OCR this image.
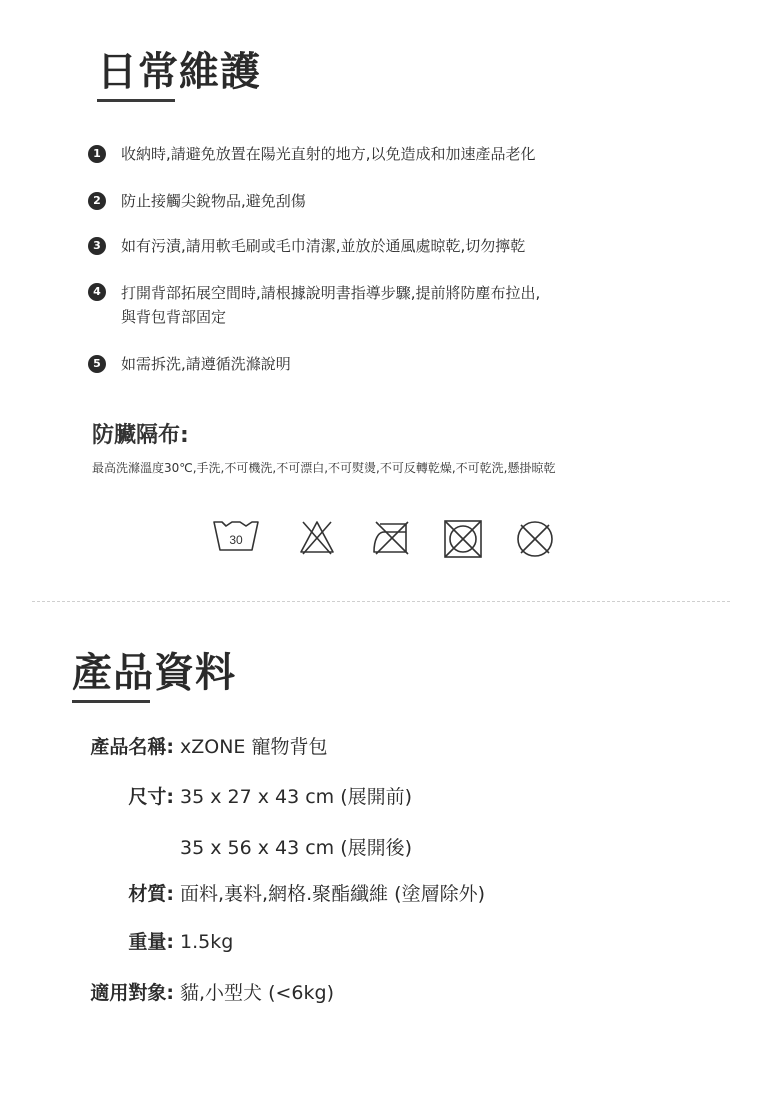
日常維護
1	收納時,請避免放置在陽光直射的地方,以免造成和加速產品老化
2	防止接觸尖銳物品,避免刮傷
3	如有污漬,請用軟毛刷或毛巾清潔,並放於通風處晾乾,切勿擰乾
4	打開背部拓展空間時,請根據說明書指導步驟,提前將防塵布拉出,
與背包背部固定
5	如需拆洗,請遵循洗滌說明
防臟隔布:
最高洗滌溫度30℃,手洗,不可機洗,不可漂白,不可熨燙,不可反轉乾燥,不可乾洗,懸掛晾乾
30
產品資料
產品名稱: xZONE 寵物背包
尺寸: 35 x 27 x 43 cm (展開前)
35 x 56 x 43 cm (展開後)
材質: 面料,裏料,網格.聚酯纖維 (塗層除外)
重量: 1.5kg
適用對象: 貓,小型犬 (<6kg)
